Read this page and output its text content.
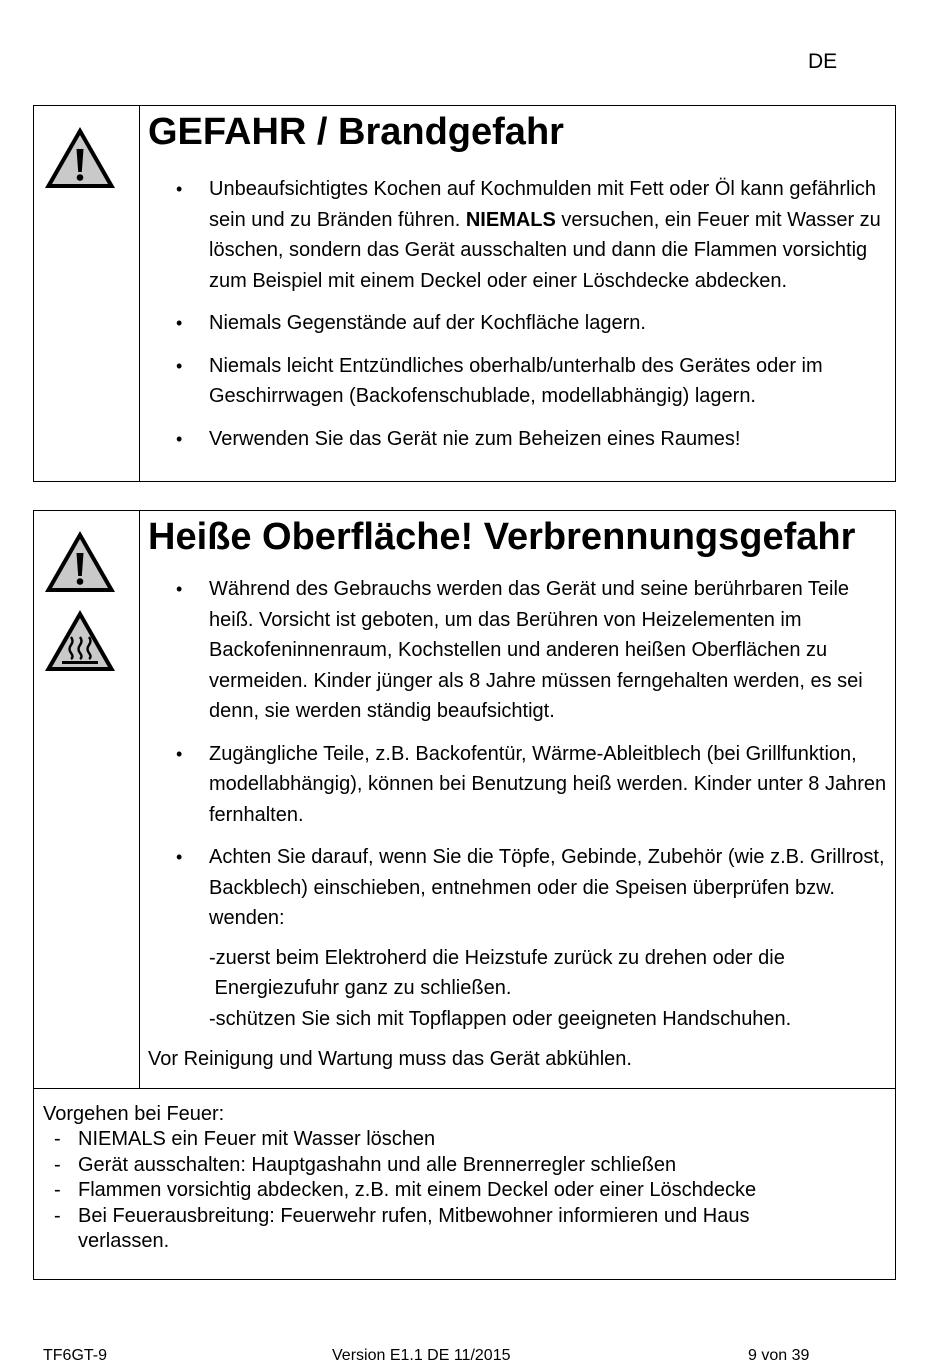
DE
GEFAHR / Brandgefahr
• Unbeaufsichtigtes Kochen auf Kochmulden mit Fett oder Öl kann gefährlich sein und zu Bränden führen. NIEMALS versuchen, ein Feuer mit Wasser zu löschen, sondern das Gerät ausschalten und dann die Flammen vorsichtig zum Beispiel mit einem Deckel oder einer Löschdecke abdecken.
• Niemals Gegenstände auf der Kochfläche lagern.
• Niemals leicht Entzündliches oberhalb/unterhalb des Gerätes oder im Geschirrwagen (Backofenschublade, modellabhängig) lagern.
• Verwenden Sie das Gerät nie zum Beheizen eines Raumes!
Heiße Oberfläche! Verbrennungsgefahr
• Während des Gebrauchs werden das Gerät und seine berührbaren Teile heiß. Vorsicht ist geboten, um das Berühren von Heizelementen im Backofeninnenraum, Kochstellen und anderen heißen Oberflächen zu vermeiden. Kinder jünger als 8 Jahre müssen ferngehalten werden, es sei denn, sie werden ständig beaufsichtigt.
• Zugängliche Teile, z.B. Backofentür, Wärme-Ableitblech (bei Grillfunktion, modellabhängig), können bei Benutzung heiß werden. Kinder unter 8 Jahren fernhalten.
• Achten Sie darauf, wenn Sie die Töpfe, Gebinde, Zubehör (wie z.B. Grillrost, Backblech) einschieben, entnehmen oder die Speisen überprüfen bzw. wenden:
-zuerst beim Elektroherd die Heizstufe zurück zu drehen oder die
Energiezufuhr ganz zu schließen.
-schützen Sie sich mit Topflappen oder geeigneten Handschuhen.
Vor Reinigung und Wartung muss das Gerät abkühlen.
Vorgehen bei Feuer:
- NIEMALS ein Feuer mit Wasser löschen
- Gerät ausschalten: Hauptgashahn und alle Brennerregler schließen
- Flammen vorsichtig abdecken, z.B. mit einem Deckel oder einer Löschdecke
- Bei Feuerausbreitung: Feuerwehr rufen, Mitbewohner informieren und Haus verlassen.
TF6GT-9	Version E1.1 DE 11/2015	9 von 39
